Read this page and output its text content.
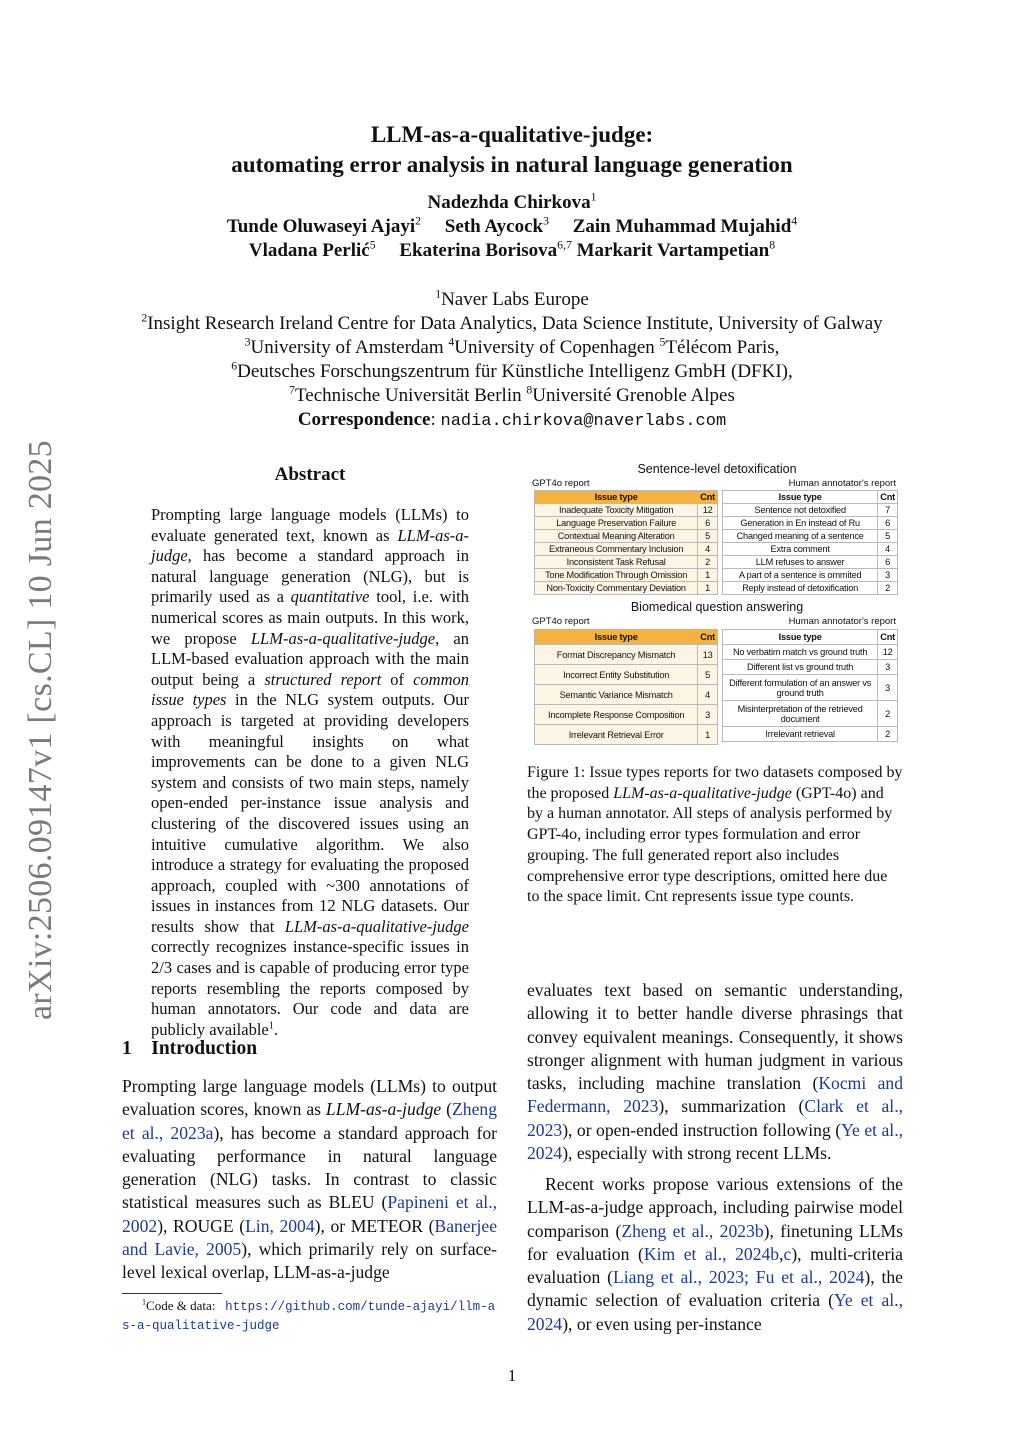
arXiv:2506.09147v1 [cs.CL] 10 Jun 2025
LLM-as-a-qualitative-judge:
automating error analysis in natural language generation
Nadezhda Chirkova$^1$
Tunde Oluwaseyi Ajayi$^2$ Seth Aycock$^3$ Zain Muhammad Mujahid$^4$
Vladana Perlić$^5$ Ekaterina Borisova$^{6,7}$ Markarit Vartampetian$^8$
$^1$Naver Labs Europe
$^2$Insight Research Ireland Centre for Data Analytics, Data Science Institute, University of Galway
$^3$University of Amsterdam $^4$University of Copenhagen $^5$Télécom Paris,
$^6$Deutsches Forschungszentrum für Künstliche Intelligenz GmbH (DFKI),
$^7$Technische Universität Berlin $^8$Université Grenoble Alpes
Correspondence: nadia.chirkova@naverlabs.com
Abstract
Prompting large language models (LLMs) to evaluate generated text, known as LLM-as-a-judge, has become a standard approach in natural language generation (NLG), but is primarily used as a quantitative tool, i.e. with numerical scores as main outputs. In this work, we propose LLM-as-a-qualitative-judge, an LLM-based evaluation approach with the main output being a structured report of common issue types in the NLG system outputs. Our approach is targeted at providing developers with meaningful insights on what improvements can be done to a given NLG system and consists of two main steps, namely open-ended per-instance issue analysis and clustering of the discovered issues using an intuitive cumulative algorithm. We also introduce a strategy for evaluating the proposed approach, coupled with ~300 annotations of issues in instances from 12 NLG datasets. Our results show that LLM-as-a-qualitative-judge correctly recognizes instance-specific issues in 2/3 cases and is capable of producing error type reports resembling the reports composed by human annotators. Our code and data are publicly available$^1$.
1    Introduction
Prompting large language models (LLMs) to output evaluation scores, known as LLM-as-a-judge (Zheng et al., 2023a), has become a standard approach for evaluating performance in natural language generation (NLG) tasks. In contrast to classic statistical measures such as BLEU (Papineni et al., 2002), ROUGE (Lin, 2004), or METEOR (Banerjee and Lavie, 2005), which primarily rely on surface-level lexical overlap, LLM-as-a-judge
$^1$Code & data: https://github.com/tunde-ajayi/llm-as-a-qualitative-judge
Sentence-level detoxification
GPT4o report	Human annotator's report
Issue type	Cnt
Inadequate Toxicity Mitigation	12
Language Preservation Failure	6
Contextual Meaning Alteration	5
Extraneous Commentary Inclusion	4
Inconsistent Task Refusal	2
Tone Modification Through Omission	1
Non-Toxicity Commentary Deviation	1
Issue type	Cnt
Sentence not detoxified	7
Generation in En instead of Ru	6
Changed meaning of a sentence	5
Extra comment	4
LLM refuses to answer	6
A part of a sentence is ommited	3
Reply instead of detoxification	2
Biomedical question answering
GPT4o report	Human annotator's report
Issue type	Cnt
Format Discrepancy Mismatch	13
Incorrect Entity Substitution	5
Semantic Variance Mismatch	4
Incomplete Response Composition	3
Irrelevant Retrieval Error	1
Issue type	Cnt
No verbatim match vs ground truth	12
Different list vs ground truth	3
Different formulation of an answer vs ground truth	3
Misinterpretation of the retrieved document	2
Irrelevant retrieval	2
Figure 1: Issue types reports for two datasets composed by the proposed LLM-as-a-qualitative-judge (GPT-4o) and by a human annotator. All steps of analysis performed by GPT-4o, including error types formulation and error grouping. The full generated report also includes comprehensive error type descriptions, omitted here due to the space limit. Cnt represents issue type counts.
evaluates text based on semantic understanding, allowing it to better handle diverse phrasings that convey equivalent meanings. Consequently, it shows stronger alignment with human judgment in various tasks, including machine translation (Kocmi and Federmann, 2023), summarization (Clark et al., 2023), or open-ended instruction following (Ye et al., 2024), especially with strong recent LLMs.
Recent works propose various extensions of the LLM-as-a-judge approach, including pairwise model comparison (Zheng et al., 2023b), finetuning LLMs for evaluation (Kim et al., 2024b,c), multi-criteria evaluation (Liang et al., 2023; Fu et al., 2024), the dynamic selection of evaluation criteria (Ye et al., 2024), or even using per-instance
1
